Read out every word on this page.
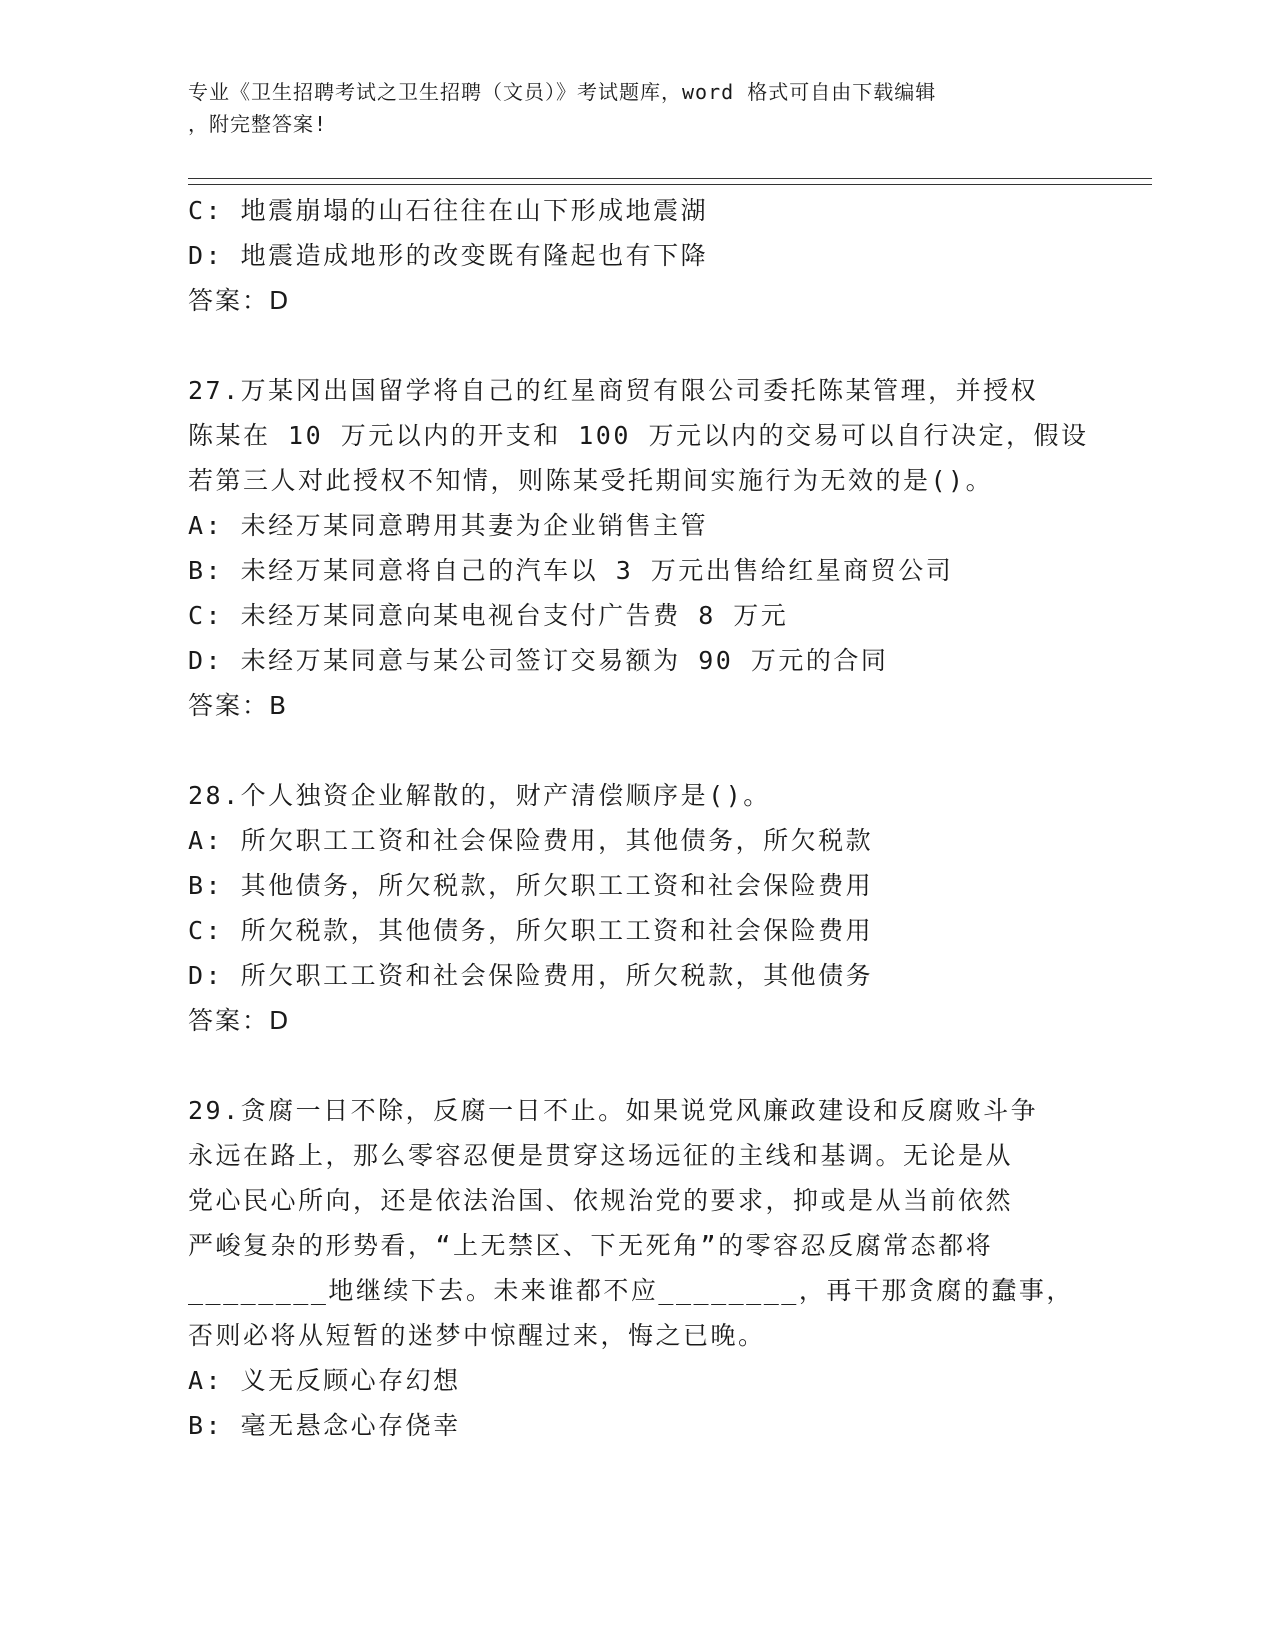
专业《卫生招聘考试之卫生招聘（文员）》考试题库，word 格式可自由下载编辑
，附完整答案!
C: 地震崩塌的山石往往在山下形成地震湖
D: 地震造成地形的改变既有隆起也有下降
答案：D
27.万某冈出国留学将自己的红星商贸有限公司委托陈某管理，并授权
陈某在 10 万元以内的开支和 100 万元以内的交易可以自行决定，假设
若第三人对此授权不知情，则陈某受托期间实施行为无效的是()。
A: 未经万某同意聘用其妻为企业销售主管
B: 未经万某同意将自己的汽车以 3 万元出售给红星商贸公司
C: 未经万某同意向某电视台支付广告费 8 万元
D: 未经万某同意与某公司签订交易额为 90 万元的合同
答案：B
28.个人独资企业解散的，财产清偿顺序是()。
A: 所欠职工工资和社会保险费用，其他债务，所欠税款
B: 其他债务，所欠税款，所欠职工工资和社会保险费用
C: 所欠税款，其他债务，所欠职工工资和社会保险费用
D: 所欠职工工资和社会保险费用，所欠税款，其他债务
答案：D
29.贪腐一日不除，反腐一日不止。如果说党风廉政建设和反腐败斗争
永远在路上，那么零容忍便是贯穿这场远征的主线和基调。无论是从
党心民心所向，还是依法治国、依规治党的要求，抑或是从当前依然
严峻复杂的形势看，“上无禁区、下无死角”的零容忍反腐常态都将
________地继续下去。未来谁都不应________，再干那贪腐的蠢事，
否则必将从短暂的迷梦中惊醒过来，悔之已晚。
A: 义无反顾心存幻想
B: 毫无悬念心存侥幸
